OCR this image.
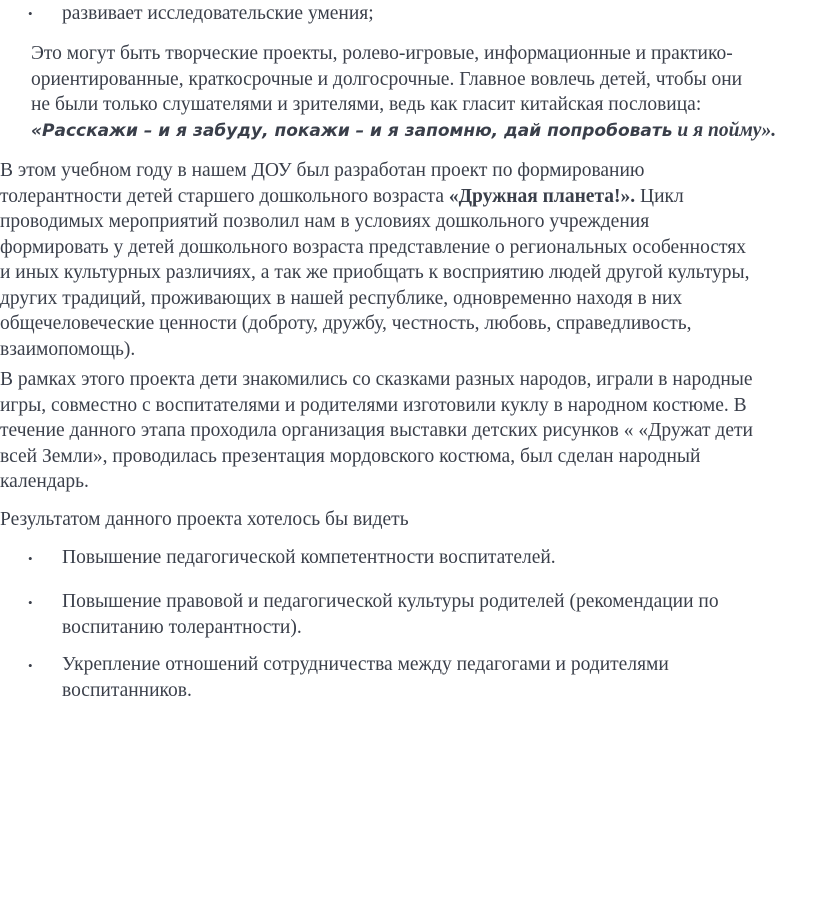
• развивает исследовательские умения;
Это могут быть творческие проекты, ролево-игровые, информационные и практико-
ориентированные, краткосрочные и долгосрочные. Главное вовлечь детей, чтобы они
не были только слушателями и зрителями, ведь как гласит китайская пословица:
«Расскажи – и я забуду, покажи – и я запомню, дай попробовать и я пойму».
В этом учебном году в нашем ДОУ был разработан проект по формированию
толерантности детей старшего дошкольного возраста «Дружная планета!». Цикл
проводимых мероприятий позволил нам в условиях дошкольного учреждения
формировать у детей дошкольного возраста представление о региональных особенностях
и иных культурных различиях, а так же приобщать к восприятию людей другой культуры,
других традиций, проживающих в нашей республике, одновременно находя в них
общечеловеческие ценности (доброту, дружбу, честность, любовь, справедливость,
взаимопомощь).
В рамках этого проекта дети знакомились со сказками разных народов, играли в народные
игры, совместно с воспитателями и родителями изготовили куклу в народном костюме. В
течение данного этапа проходила организация выставки детских рисунков « «Дружат дети
всей Земли», проводилась презентация мордовского костюма, был сделан народный
календарь.
Результатом данного проекта хотелось бы видеть
• Повышение педагогической компетентности воспитателей.
• Повышение правовой и педагогической культуры родителей (рекомендации по
воспитанию толерантности).
• Укрепление отношений сотрудничества между педагогами и родителями
воспитанников.
